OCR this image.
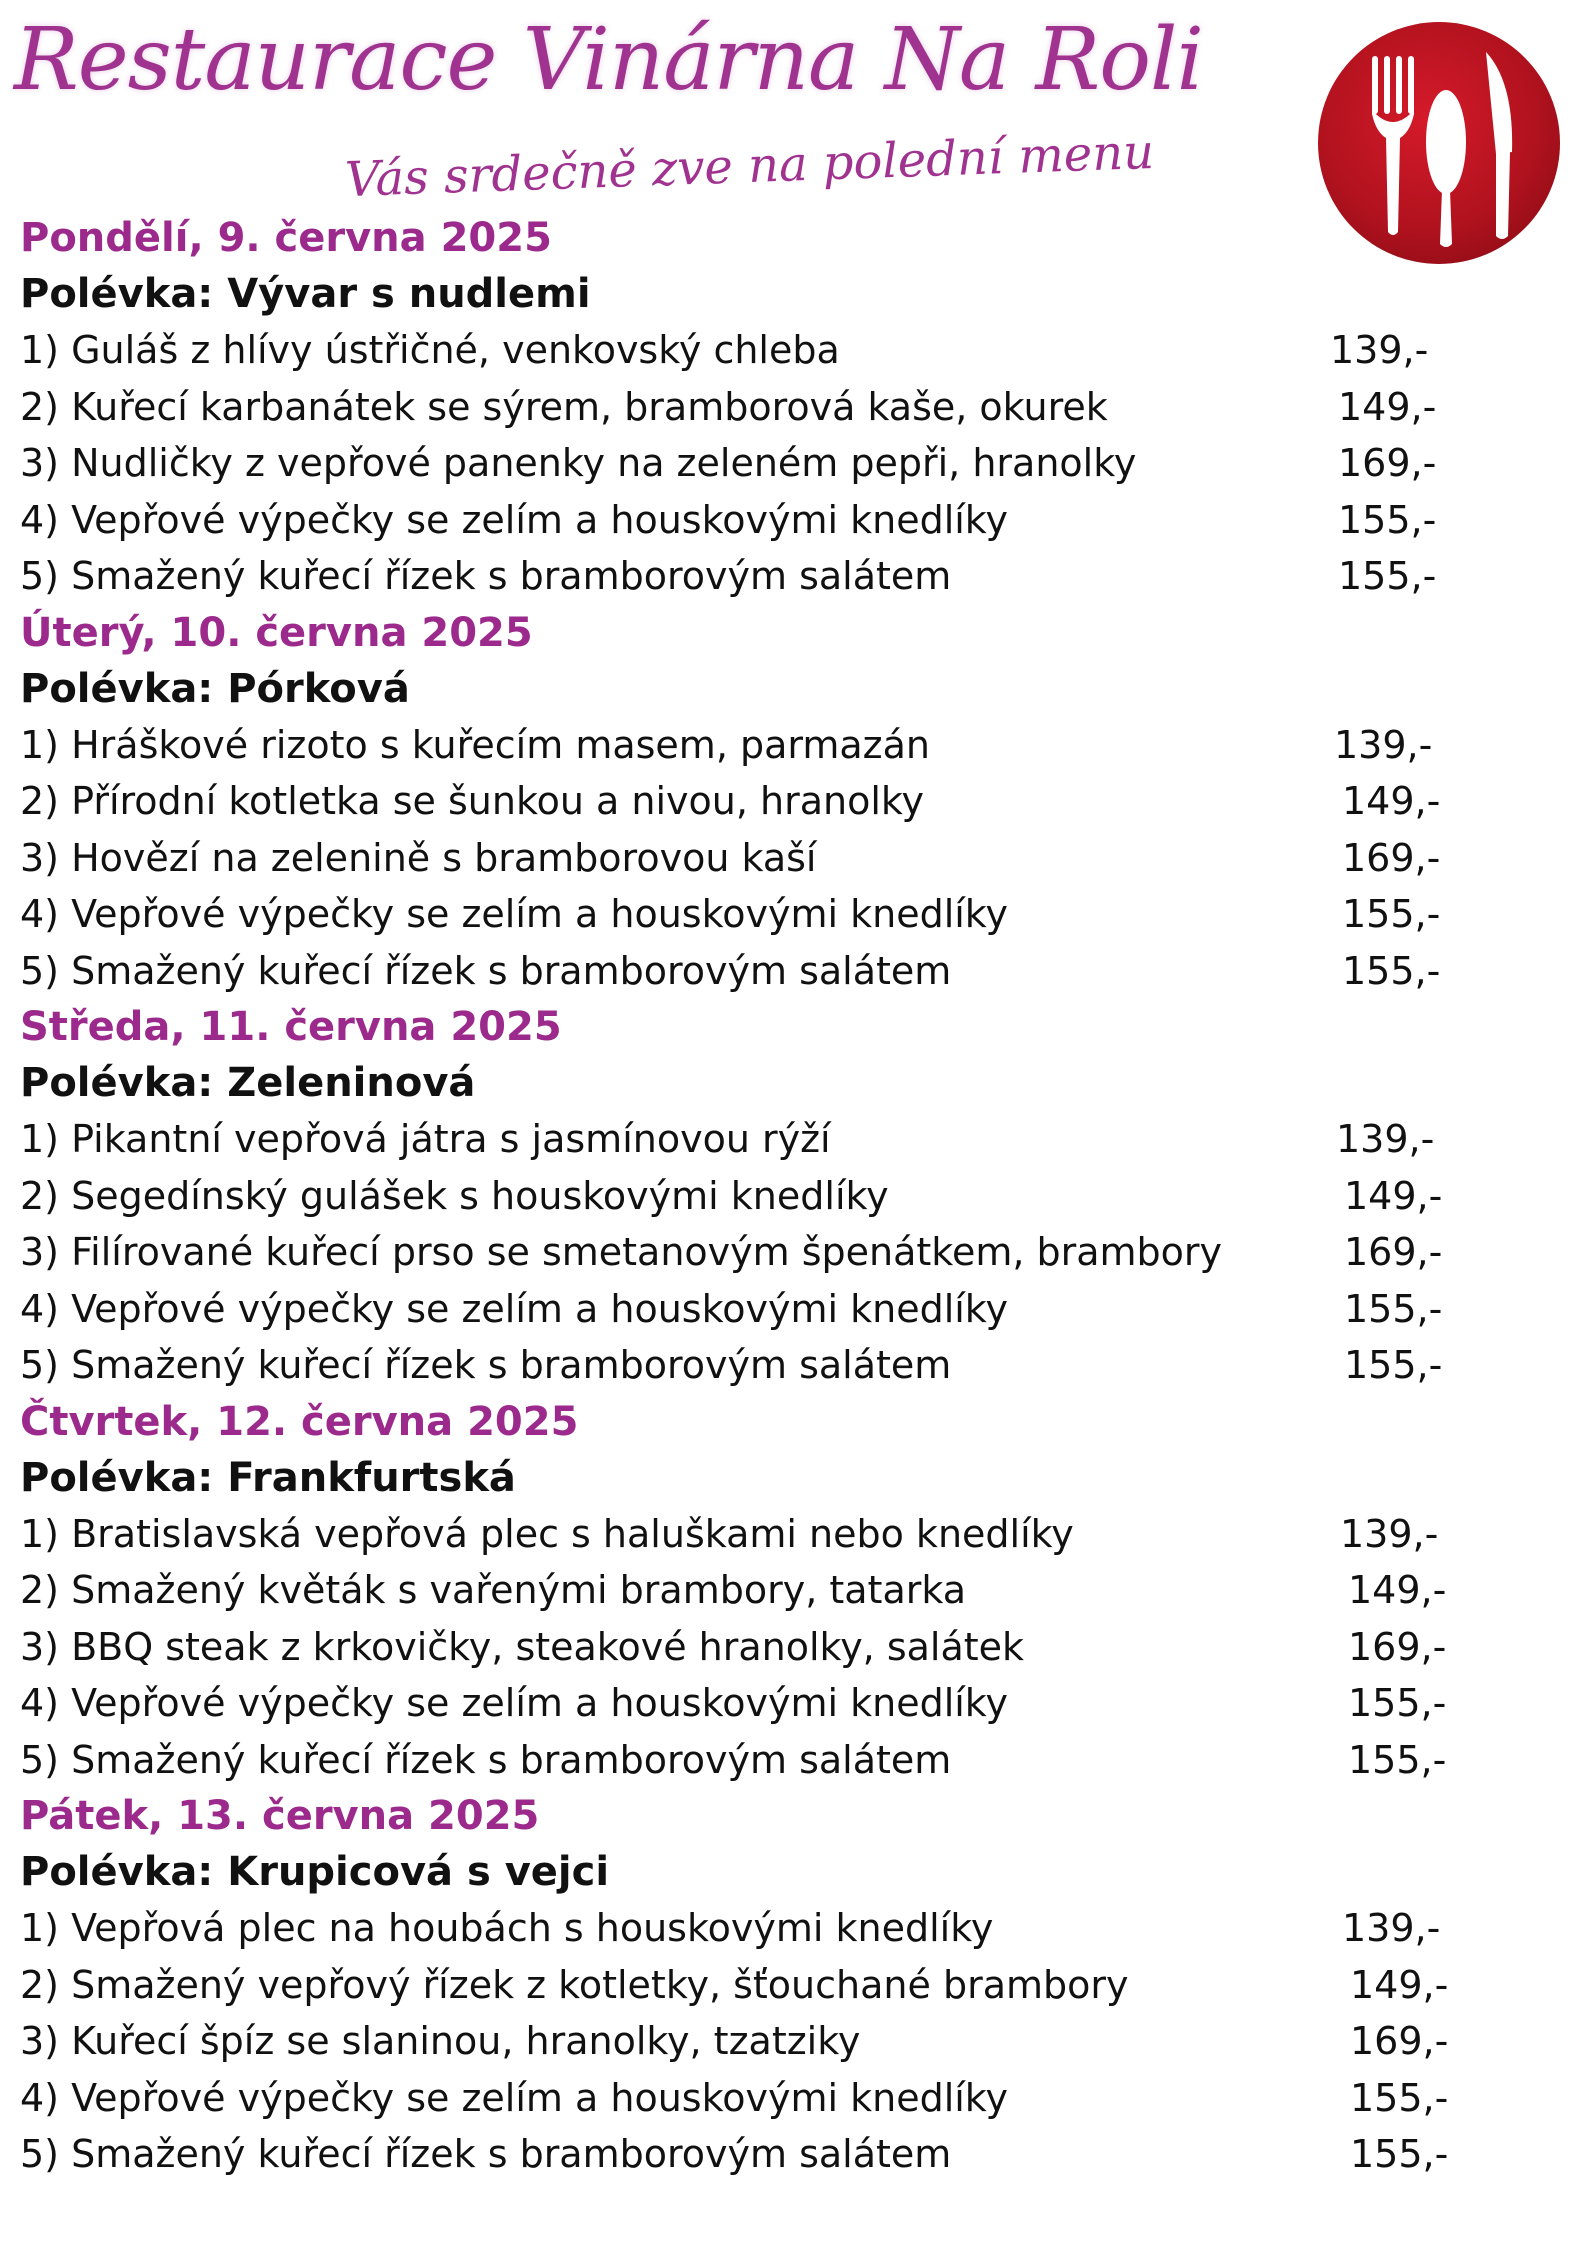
Restaurace Vinárna Na Roli
Vás srdečně zve na polední menu
Pondělí, 9. června 2025
Polévka: Vývar s nudlemi
1) Guláš z hlívy ústřičné, venkovský chleba	139,-
2) Kuřecí karbanátek se sýrem, bramborová kaše, okurek	149,-
3) Nudličky z vepřové panenky na zeleném pepři, hranolky	169,-
4) Vepřové výpečky se zelím a houskovými knedlíky	155,-
5) Smažený kuřecí řízek s bramborovým salátem	155,-
Úterý, 10. června 2025
Polévka: Pórková
1) Hráškové rizoto s kuřecím masem, parmazán	139,-
2) Přírodní kotletka se šunkou a nivou, hranolky	149,-
3) Hovězí na zelenině s bramborovou kaší	169,-
4) Vepřové výpečky se zelím a houskovými knedlíky	155,-
5) Smažený kuřecí řízek s bramborovým salátem	155,-
Středa, 11. června 2025
Polévka: Zeleninová
1) Pikantní vepřová játra s jasmínovou rýží	139,-
2) Segedínský gulášek s houskovými knedlíky	149,-
3) Filírované kuřecí prso se smetanovým špenátkem, brambory	169,-
4) Vepřové výpečky se zelím a houskovými knedlíky	155,-
5) Smažený kuřecí řízek s bramborovým salátem	155,-
Čtvrtek, 12. června 2025
Polévka: Frankfurtská
1) Bratislavská vepřová plec s haluškami nebo knedlíky	139,-
2) Smažený květák s vařenými brambory, tatarka	149,-
3) BBQ steak z krkovičky, steakové hranolky, salátek	169,-
4) Vepřové výpečky se zelím a houskovými knedlíky	155,-
5) Smažený kuřecí řízek s bramborovým salátem	155,-
Pátek, 13. června 2025
Polévka: Krupicová s vejci
1) Vepřová plec na houbách s houskovými knedlíky	139,-
2) Smažený vepřový řízek z kotletky, šťouchané brambory	149,-
3) Kuřecí špíz se slaninou, hranolky, tzatziky	169,-
4) Vepřové výpečky se zelím a houskovými knedlíky	155,-
5) Smažený kuřecí řízek s bramborovým salátem	155,-
